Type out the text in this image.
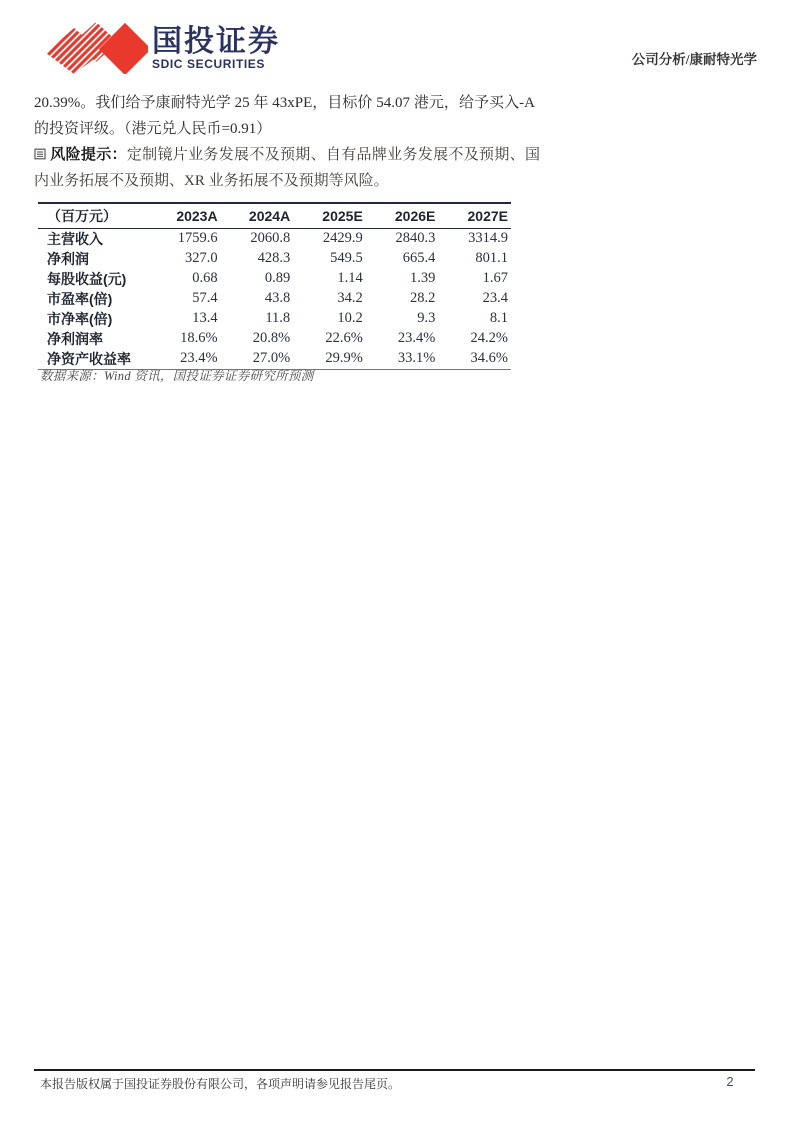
国投证券
SDIC SECURITIES	公司分析/康耐特光学

20.39%。我们给予康耐特光学 25 年 43xPE，目标价 54.07 港元，给予买入-A 的投资评级。（港元兑人民币=0.91）

风险提示：定制镜片业务发展不及预期、自有品牌业务发展不及预期、国内业务拓展不及预期、XR 业务拓展不及预期等风险。

（百万元）	2023A	2024A	2025E	2026E	2027E
主营收入	1759.6	2060.8	2429.9	2840.3	3314.9
净利润	327.0	428.3	549.5	665.4	801.1
每股收益(元)	0.68	0.89	1.14	1.39	1.67
市盈率(倍)	57.4	43.8	34.2	28.2	23.4
市净率(倍)	13.4	11.8	10.2	9.3	8.1
净利润率	18.6%	20.8%	22.6%	23.4%	24.2%
净资产收益率	23.4%	27.0%	29.9%	33.1%	34.6%

数据来源：Wind 资讯，国投证券证券研究所预测

本报告版权属于国投证券股份有限公司，各项声明请参见报告尾页。	2
